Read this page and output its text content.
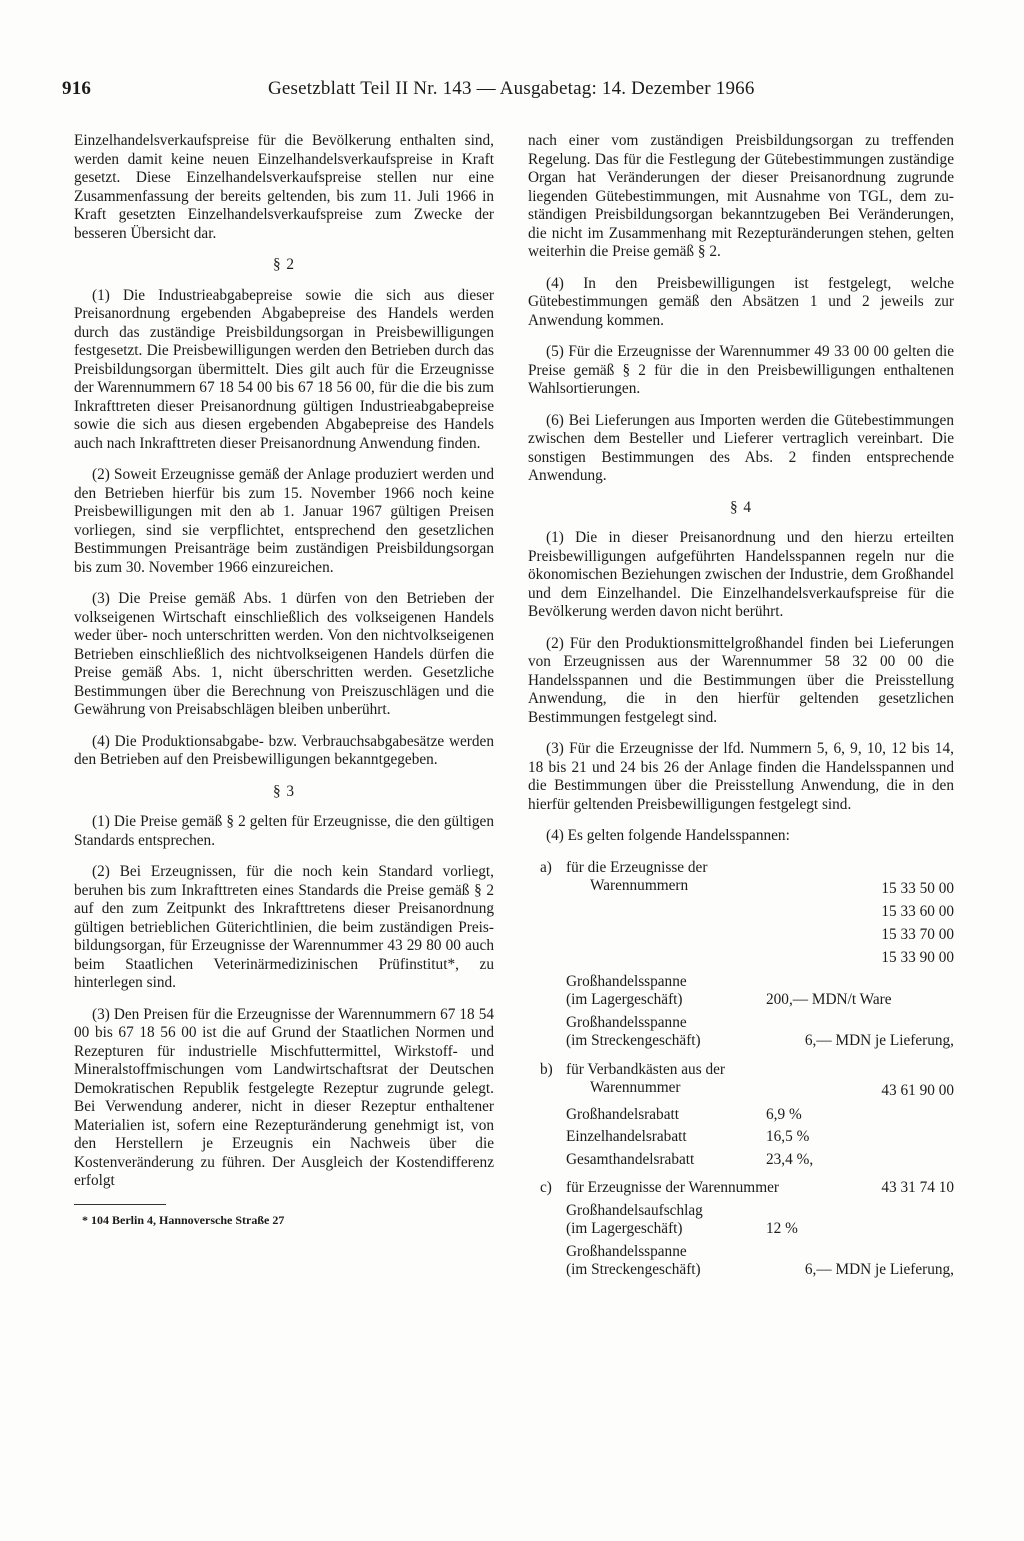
916	Gesetzblatt Teil II Nr. 143 — Ausgabetag: 14. Dezember 1966

Einzelhandelsverkaufspreise für die Bevölkerung enthalten sind, werden damit keine neuen Einzelhandelsverkaufspreise in Kraft gesetzt. Diese Einzelhandelsverkaufspreise stellen nur eine Zusammenfassung der bereits geltenden, bis zum 11. Juli 1966 in Kraft gesetzten Einzelhandelsverkaufspreise zum Zwecke der besseren Übersicht dar.

§ 2

(1) Die Industrieabgabepreise sowie die sich aus dieser Preisanordnung ergebenden Abgabepreise des Handels werden durch das zuständige Preisbildungsorgan in Preisbewilligungen festgesetzt. Die Preisbewilligungen werden den Betrieben durch das Preisbildungsorgan übermittelt. Dies gilt auch für die Erzeugnisse der Warennummern 67 18 54 00 bis 67 18 56 00, für die die bis zum Inkrafttreten dieser Preisanordnung gültigen Industrieabgabepreise sowie die sich aus diesen ergebenden Abgabepreise des Handels auch nach Inkrafttreten dieser Preisanordnung Anwendung finden.

(2) Soweit Erzeugnisse gemäß der Anlage produziert werden und den Betrieben hierfür bis zum 15. November 1966 noch keine Preisbewilligungen mit den ab 1. Januar 1967 gültigen Preisen vorliegen, sind sie verpflichtet, entsprechend den gesetzlichen Bestimmungen Preisanträge beim zuständigen Preisbildungsorgan bis zum 30. November 1966 einzureichen.

(3) Die Preise gemäß Abs. 1 dürfen von den Betrieben der volkseigenen Wirtschaft einschließlich des volkseigenen Handels weder über- noch unterschritten werden. Von den nichtvolkseigenen Betrieben einschließlich des nichtvolkseigenen Handels dürfen die Preise gemäß Abs. 1, nicht überschritten werden. Gesetzliche Bestimmungen über die Berechnung von Preiszuschlägen und die Gewährung von Preisabschlägen bleiben unberührt.

(4) Die Produktionsabgabe- bzw. Verbrauchsabgabesätze werden den Betrieben auf den Preisbewilligungen bekanntgegeben.

§ 3

(1) Die Preise gemäß § 2 gelten für Erzeugnisse, die den gültigen Standards entsprechen.

(2) Bei Erzeugnissen, für die noch kein Standard vorliegt, beruhen bis zum Inkrafttreten eines Standards die Preise gemäß § 2 auf den zum Zeitpunkt des Inkrafttretens dieser Preisanordnung gültigen betrieblichen Güterichtlinien, die beim zuständigen Preisbildungsorgan, für Erzeugnisse der Warennummer 43 29 80 00 auch beim Staatlichen Veterinärmedizinischen Prüfinstitut*, zu hinterlegen sind.

(3) Den Preisen für die Erzeugnisse der Warennummern 67 18 54 00 bis 67 18 56 00 ist die auf Grund der Staatlichen Normen und Rezepturen für industrielle Mischfuttermittel, Wirkstoff- und Mineralstoffmischungen vom Landwirtschaftsrat der Deutschen Demokratischen Republik festgelegte Rezeptur zugrunde gelegt. Bei Verwendung anderer, nicht in dieser Rezeptur enthaltener Materialien ist, sofern eine Rezepturänderung genehmigt ist, von den Herstellern je Erzeugnis ein Nachweis über die Kostenveränderung zu führen. Der Ausgleich der Kostendifferenz erfolgt

* 104 Berlin 4, Hannoversche Straße 27

nach einer vom zuständigen Preisbildungsorgan zu treffenden Regelung. Das für die Festlegung der Gütebestimmungen zuständige Organ hat Veränderungen der dieser Preisanordnung zugrunde liegenden Gütebestimmungen, mit Ausnahme von TGL, dem zuständigen Preisbildungsorgan bekanntzugeben Bei Veränderungen, die nicht im Zusammenhang mit Rezepturänderungen stehen, gelten weiterhin die Preise gemäß § 2.

(4) In den Preisbewilligungen ist festgelegt, welche Gütebestimmungen gemäß den Absätzen 1 und 2 jeweils zur Anwendung kommen.

(5) Für die Erzeugnisse der Warennummer 49 33 00 00 gelten die Preise gemäß § 2 für die in den Preisbewilligungen enthaltenen Wahlsortierungen.

(6) Bei Lieferungen aus Importen werden die Gütebestimmungen zwischen dem Besteller und Lieferer vertraglich vereinbart. Die sonstigen Bestimmungen des Abs. 2 finden entsprechende Anwendung.

§ 4

(1) Die in dieser Preisanordnung und den hierzu erteilten Preisbewilligungen aufgeführten Handelsspannen regeln nur die ökonomischen Beziehungen zwischen der Industrie, dem Großhandel und dem Einzelhandel. Die Einzelhandelsverkaufspreise für die Bevölkerung werden davon nicht berührt.

(2) Für den Produktionsmittelgroßhandel finden bei Lieferungen von Erzeugnissen aus der Warennummer 58 32 00 00 die Handelsspannen und die Bestimmungen über die Preisstellung Anwendung, die in den hierfür geltenden gesetzlichen Bestimmungen festgelegt sind.

(3) Für die Erzeugnisse der lfd. Nummern 5, 6, 9, 10, 12 bis 14, 18 bis 21 und 24 bis 26 der Anlage finden die Handelsspannen und die Bestimmungen über die Preisstellung Anwendung, die in den hierfür geltenden Preisbewilligungen festgelegt sind.

(4) Es gelten folgende Handelsspannen:

a) für die Erzeugnisse der
Warennummern	15 33 50 00
15 33 60 00
15 33 70 00
15 33 90 00
Großhandelsspanne
(im Lagergeschäft)	200,— MDN/t Ware
Großhandelsspanne
(im Streckengeschäft)	6,— MDN je Lieferung,
b) für Verbandkästen aus der
Warennummer	43 61 90 00
Großhandelsrabatt	6,9 %
Einzelhandelsrabatt	16,5 %
Gesamthandelsrabatt	23,4 %,
c) für Erzeugnisse der Warennummer	43 31 74 10
Großhandelsaufschlag
(im Lagergeschäft)	12 %
Großhandelsspanne
(im Streckengeschäft)	6,— MDN je Lieferung,
